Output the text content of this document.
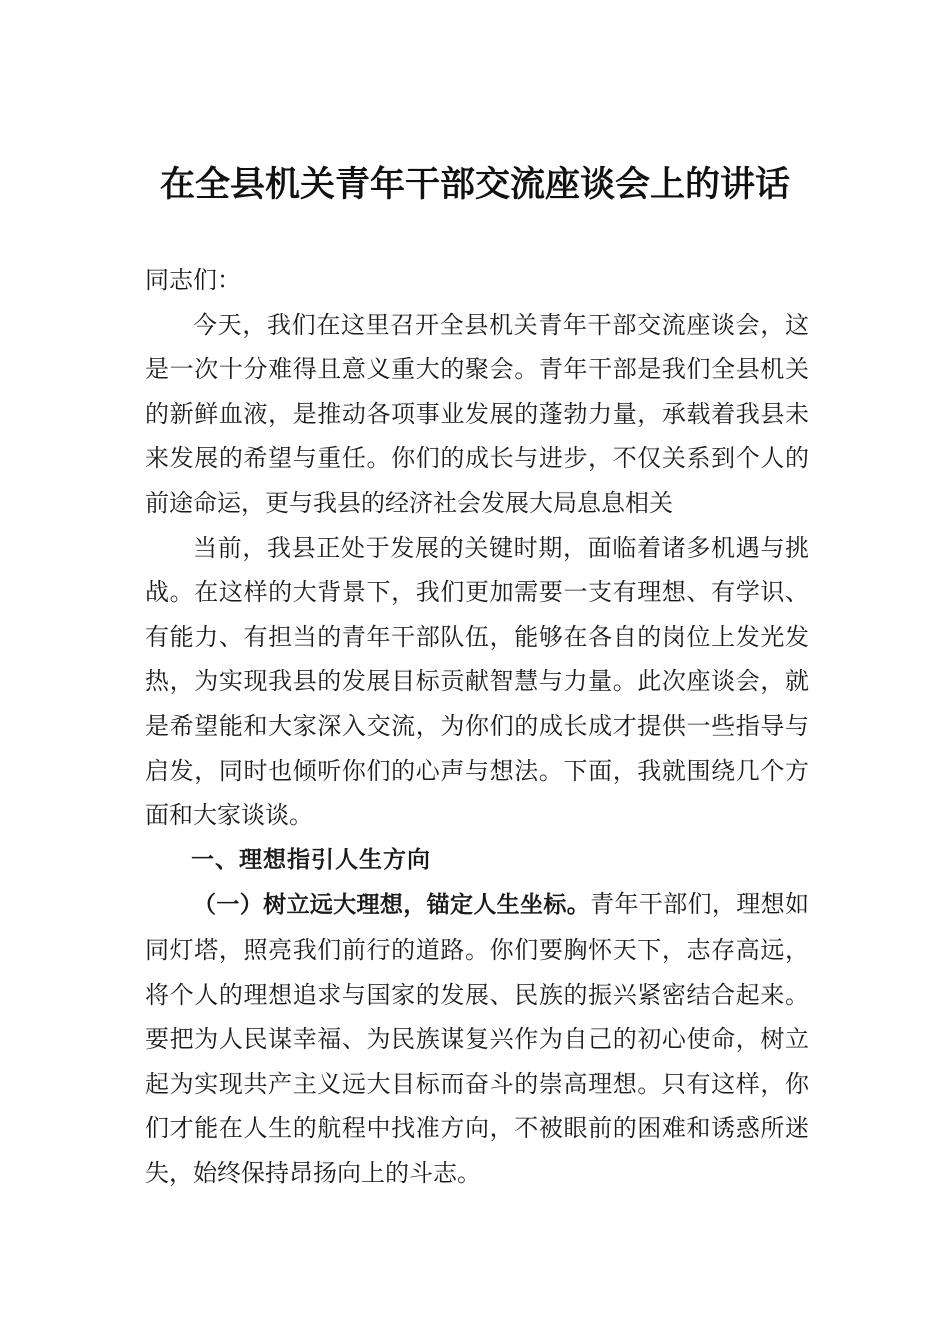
在全县机关青年干部交流座谈会上的讲话

同志们：

今天，我们在这里召开全县机关青年干部交流座谈会，这是一次十分难得且意义重大的聚会。青年干部是我们全县机关的新鲜血液，是推动各项事业发展的蓬勃力量，承载着我县未来发展的希望与重任。你们的成长与进步，不仅关系到个人的前途命运，更与我县的经济社会发展大局息息相关

当前，我县正处于发展的关键时期，面临着诸多机遇与挑战。在这样的大背景下，我们更加需要一支有理想、有学识、有能力、有担当的青年干部队伍，能够在各自的岗位上发光发热，为实现我县的发展目标贡献智慧与力量。此次座谈会，就是希望能和大家深入交流，为你们的成长成才提供一些指导与启发，同时也倾听你们的心声与想法。下面，我就围绕几个方面和大家谈谈。

一、理想指引人生方向

（一）树立远大理想，锚定人生坐标。青年干部们，理想如同灯塔，照亮我们前行的道路。你们要胸怀天下，志存高远，将个人的理想追求与国家的发展、民族的振兴紧密结合起来。要把为人民谋幸福、为民族谋复兴作为自己的初心使命，树立起为实现共产主义远大目标而奋斗的崇高理想。只有这样，你们才能在人生的航程中找准方向，不被眼前的困难和诱惑所迷失，始终保持昂扬向上的斗志。
